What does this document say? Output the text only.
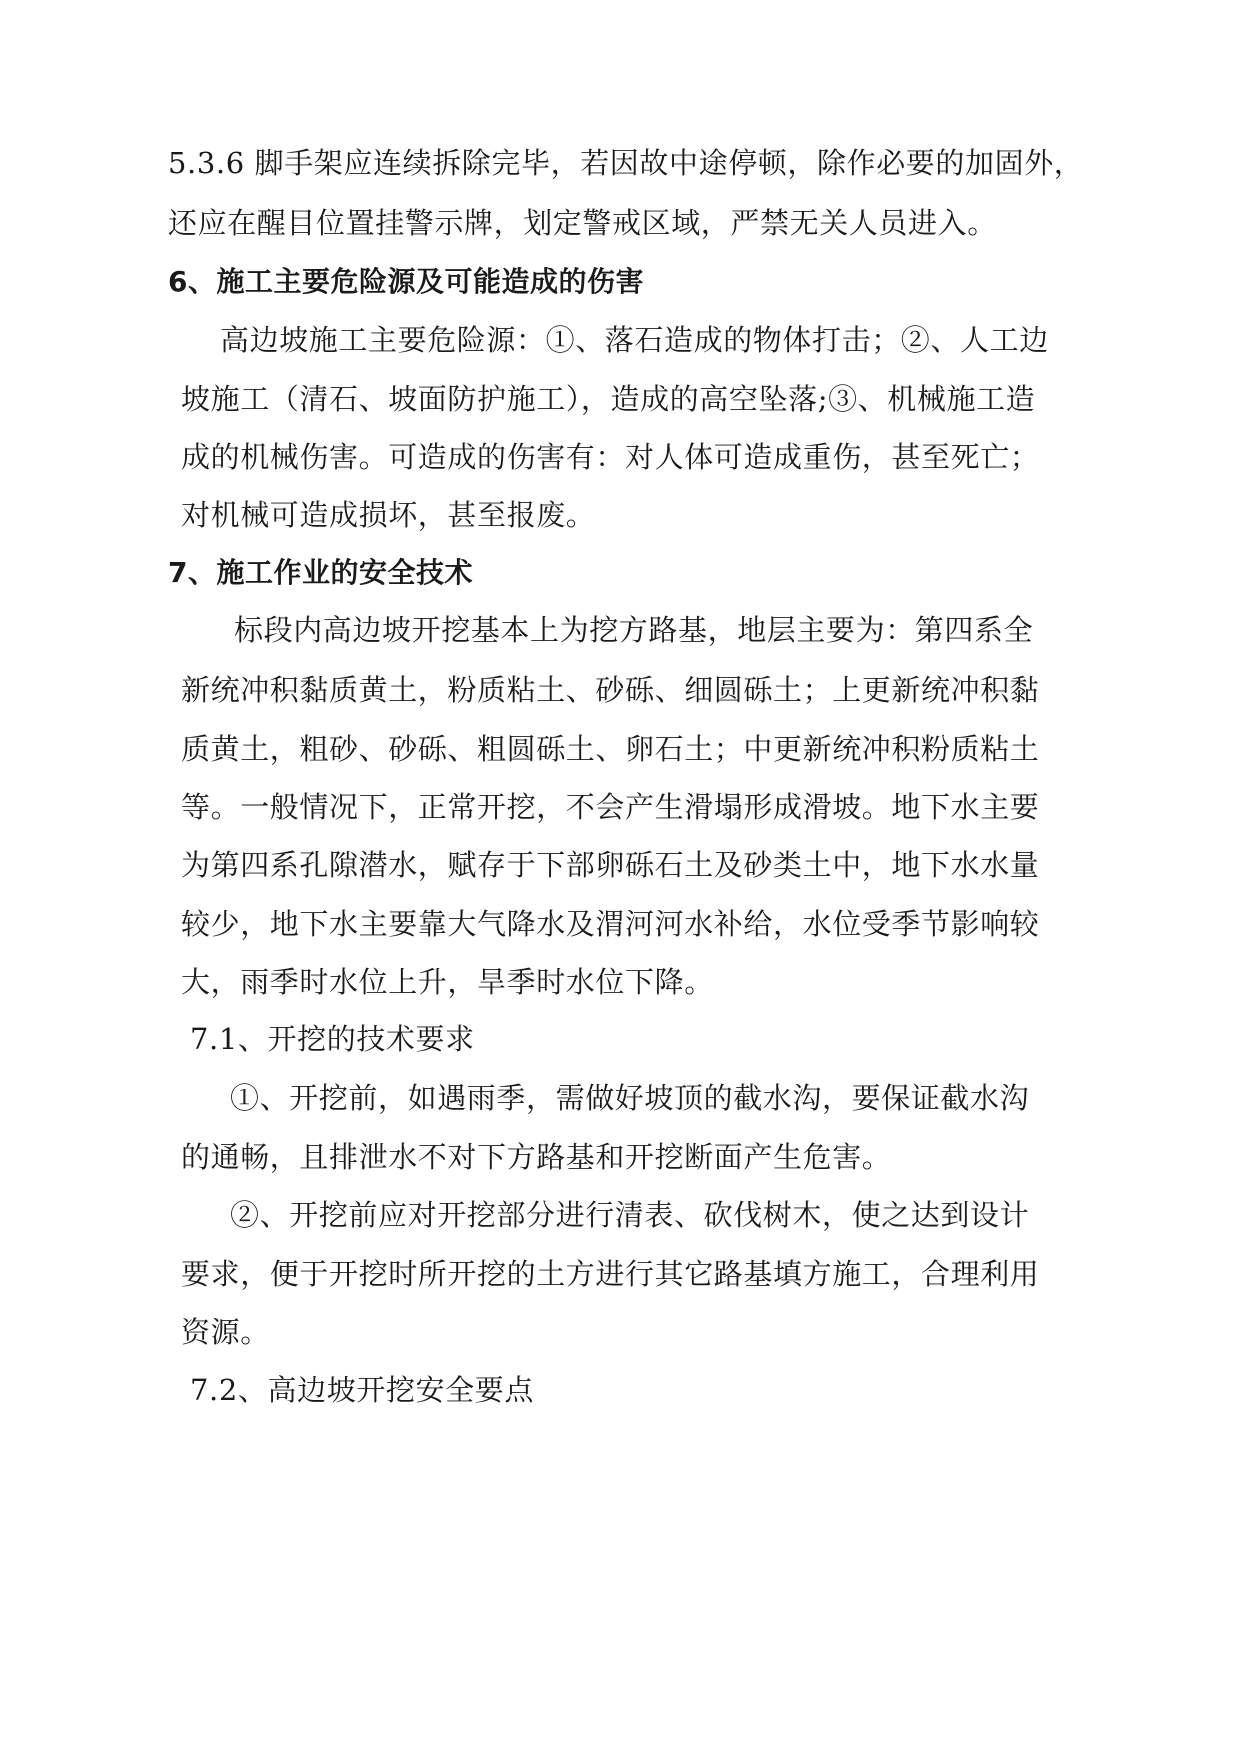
5.3.6 脚手架应连续拆除完毕，若因故中途停顿，除作必要的加固外，
还应在醒目位置挂警示牌，划定警戒区域，严禁无关人员进入。
6、施工主要危险源及可能造成的伤害
高边坡施工主要危险源：①、落石造成的物体打击；②、人工边
坡施工（清石、坡面防护施工），造成的高空坠落;③、机械施工造
成的机械伤害。可造成的伤害有：对人体可造成重伤，甚至死亡；
对机械可造成损坏，甚至报废。
7、施工作业的安全技术
标段内高边坡开挖基本上为挖方路基，地层主要为：第四系全
新统冲积黏质黄土，粉质粘土、砂砾、细圆砾土；上更新统冲积黏
质黄土，粗砂、砂砾、粗圆砾土、卵石土；中更新统冲积粉质粘土
等。一般情况下，正常开挖，不会产生滑塌形成滑坡。地下水主要
为第四系孔隙潜水，赋存于下部卵砾石土及砂类土中，地下水水量
较少，地下水主要靠大气降水及渭河河水补给，水位受季节影响较
大，雨季时水位上升，旱季时水位下降。
7.1、开挖的技术要求
①、开挖前，如遇雨季，需做好坡顶的截水沟，要保证截水沟
的通畅，且排泄水不对下方路基和开挖断面产生危害。
②、开挖前应对开挖部分进行清表、砍伐树木，使之达到设计
要求，便于开挖时所开挖的土方进行其它路基填方施工，合理利用
资源。
7.2、高边坡开挖安全要点
